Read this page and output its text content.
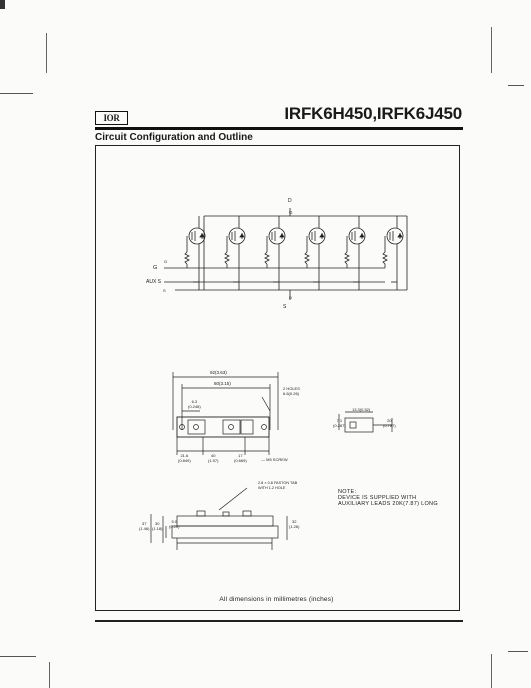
IOR	IRFK6H450,IRFK6J450
Circuit Configuration and Outline
D
G
G
AUX S
S
G
S
D
92(3.63)
80(3.15)
2 HOLES
6.6(0.26)
6.3
(0.248)
13.3(0.52)
7.1
(0.287)
20
(0.787)
21.6
(0.849)
40
(1.57)
17
(0.669)	— M5 SCREW
2.8 × 0.8 FASTON TAB
WITH 1.2 HOLE
37
(1.46)
30
(1.18)
5.0
(0.20)
32
(1.26)
NOTE:
DEVICE IS SUPPLIED WITH
AUXILIARY LEADS 20K(7.87) LONG
All dimensions in millimetres (inches)
